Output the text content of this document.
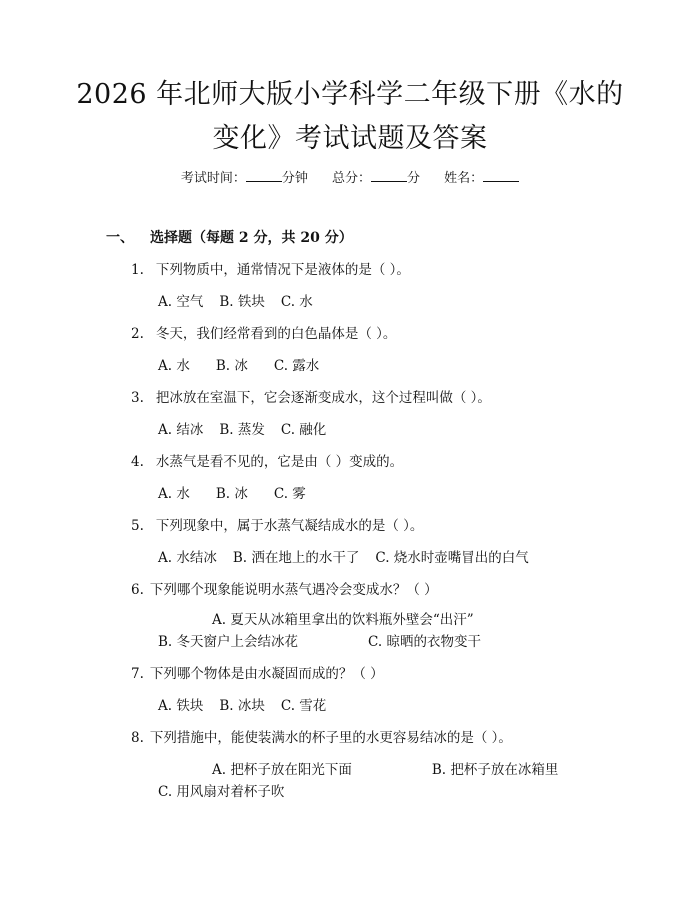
2026 年北师大版小学科学二年级下册《水的
变化》考试试题及答案
考试时间：	分钟 总分：	分 姓名：
一、 选择题（每题 2 分，共 20 分）
1. 下列物质中，通常情况下是液体的是（ ）。
A. 空气 B. 铁块 C. 水
2. 冬天，我们经常看到的白色晶体是（ ）。
A. 水 B. 冰 C. 露水
3. 把冰放在室温下，它会逐渐变成水，这个过程叫做（ ）。
A. 结冰 B. 蒸发 C. 融化
4. 水蒸气是看不见的，它是由（ ）变成的。
A. 水 B. 冰 C. 雾
5. 下列现象中，属于水蒸气凝结成水的是（ ）。
A. 水结冰 B. 洒在地上的水干了 C. 烧水时壶嘴冒出的白气
6. 下列哪个现象能说明水蒸气遇冷会变成水？（ ）
A. 夏天从冰箱里拿出的饮料瓶外壁会“出汗”B. 冬天窗户上会结冰花	C. 晾晒的衣物变干
7. 下列哪个物体是由水凝固而成的？（ ）
A. 铁块 B. 冰块 C. 雪花
8. 下列措施中，能使装满水的杯子里的水更容易结冰的是（ ）。
A. 把杯子放在阳光下面	B. 把杯子放在冰箱里C. 用风扇对着杯子吹
